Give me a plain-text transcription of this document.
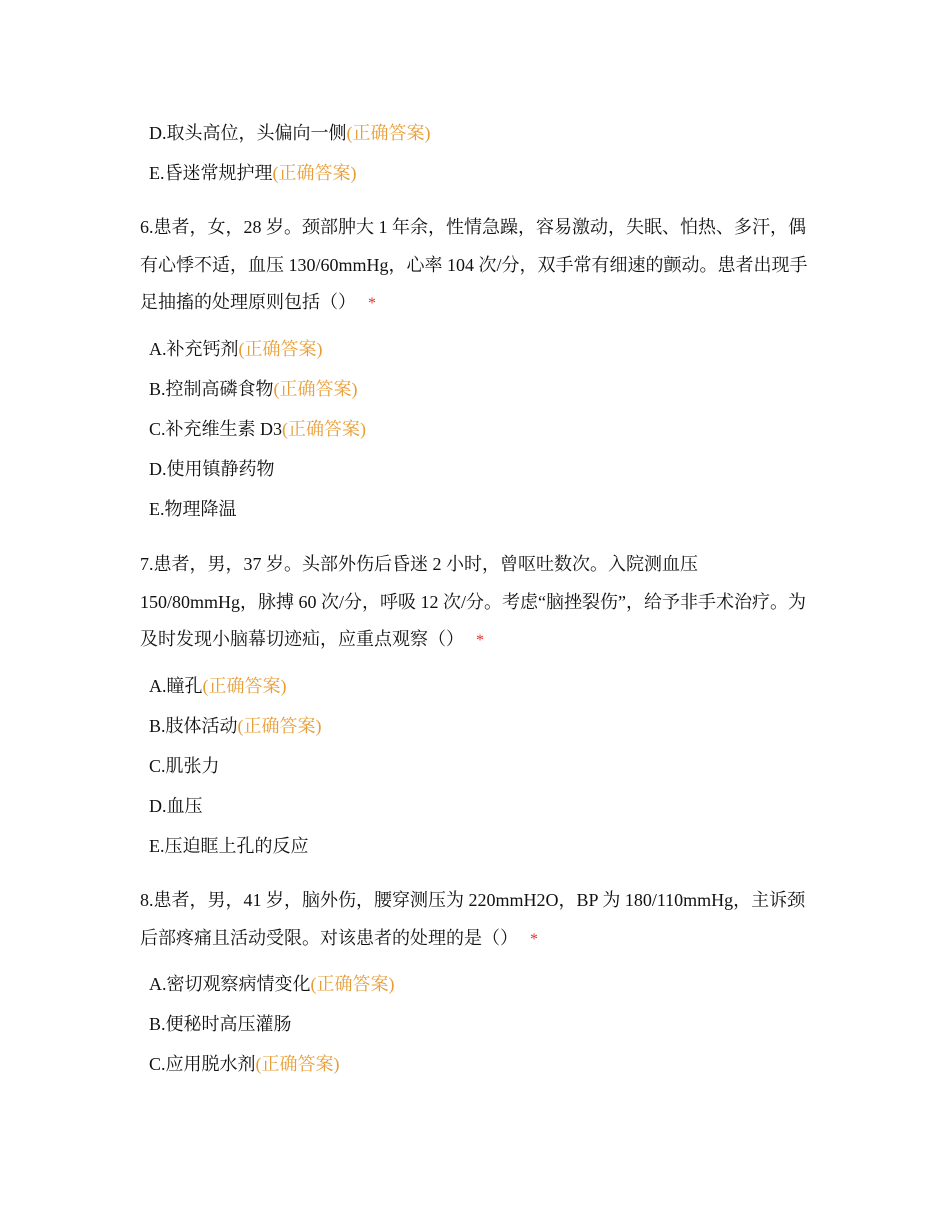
D.取头高位，头偏向一侧(正确答案)
E.昏迷常规护理(正确答案)
6.患者，女，28 岁。颈部肿大 1 年余，性情急躁，容易激动，失眠、怕热、多汗，偶有心悸不适，血压 130/60mmHg，心率 104 次/分，双手常有细速的颤动。患者出现手足抽搐的处理原则包括（） *
A.补充钙剂(正确答案)
B.控制高磷食物(正确答案)
C.补充维生素 D3(正确答案)
D.使用镇静药物
E.物理降温
7.患者，男，37 岁。头部外伤后昏迷 2 小时，曾呕吐数次。入院测血压 150/80mmHg，脉搏 60 次/分，呼吸 12 次/分。考虑“脑挫裂伤”，给予非手术治疗。为及时发现小脑幕切迹疝，应重点观察（） *
A.瞳孔(正确答案)
B.肢体活动(正确答案)
C.肌张力
D.血压
E.压迫眶上孔的反应
8.患者，男，41 岁，脑外伤，腰穿测压为 220mmH2O，BP 为 180/110mmHg，主诉颈后部疼痛且活动受限。对该患者的处理的是（） *
A.密切观察病情变化(正确答案)
B.便秘时高压灌肠
C.应用脱水剂(正确答案)
